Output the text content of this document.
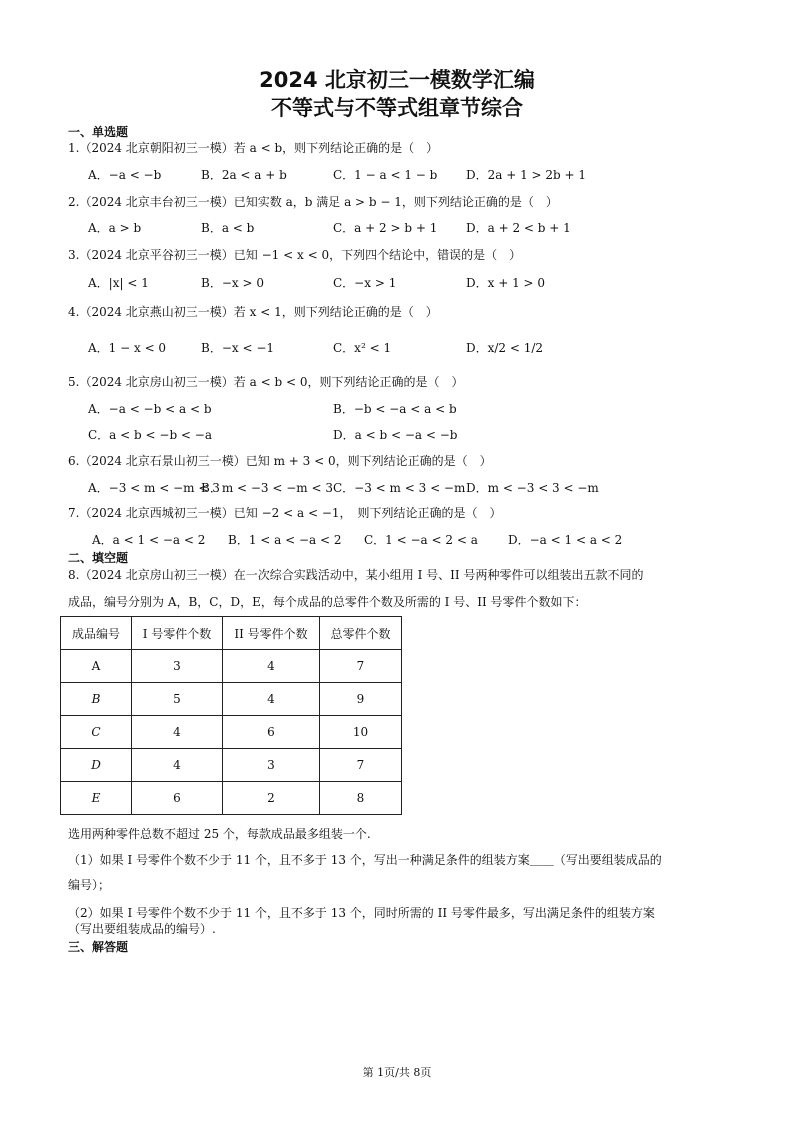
2024 北京初三一模数学汇编
不等式与不等式组章节综合
一、单选题
1.（2024 北京朝阳初三一模）若 a < b，则下列结论正确的是（　）
A．−a < −b	B．2a < a + b	C．1 − a < 1 − b D．2a + 1 > 2b + 1
2.（2024 北京丰台初三一模）已知实数 a，b 满足 a > b − 1，则下列结论正确的是（　）
A．a > b	B．a < b	C．a + 2 > b + 1 D．a + 2 < b + 1
3.（2024 北京平谷初三一模）已知 −1 < x < 0，下列四个结论中，错误的是（　）
A．|x| < 1	B．−x > 0	C．−x > 1	D．x + 1 > 0
4.（2024 北京燕山初三一模）若 x < 1，则下列结论正确的是（　）
A．1 − x < 0	B．−x < −1	C．x² < 1	D．x/2 < 1/2
5.（2024 北京房山初三一模）若 a < b < 0，则下列结论正确的是（　）
A．−a < −b < a < b	B．−b < −a < a < b
C．a < b < −b < −a	D．a < b < −a < −b
6.（2024 北京石景山初三一模）已知 m + 3 < 0，则下列结论正确的是（　）
A．−3 < m < −m < 3
B．m < −3 < −m < 3 C．−3 < m < 3 < −m D．m < −3 < 3 < −m
7.（2024 北京西城初三一模）已知 −2 < a < −1，　则下列结论正确的是（　）
A．a < 1 < −a < 2 B．1 < a < −a < 2 C．1 < −a < 2 < a	D．−a < 1 < a < 2
二、填空题
8.（2024 北京房山初三一模）在一次综合实践活动中，某小组用 I 号、II 号两种零件可以组装出五款不同的
成品，编号分别为 A，B，C，D，E，每个成品的总零件个数及所需的 I 号、II 号零件个数如下：
成品编号	I 号零件个数	II 号零件个数	总零件个数
A	3	4	7
B	5	4	9
C	4	6	10
D	4	3	7
E	6	2	8
选用两种零件总数不超过 25 个，每款成品最多组装一个.
（1）如果 I 号零件个数不少于 11 个，且不多于 13 个，写出一种满足条件的组装方案＿＿（写出要组装成品的
编号）；
（2）如果 I 号零件个数不少于 11 个，且不多于 13 个，同时所需的 II 号零件最多，写出满足条件的组装方案
（写出要组装成品的编号）.
三、解答题
第 1页/共 8页
